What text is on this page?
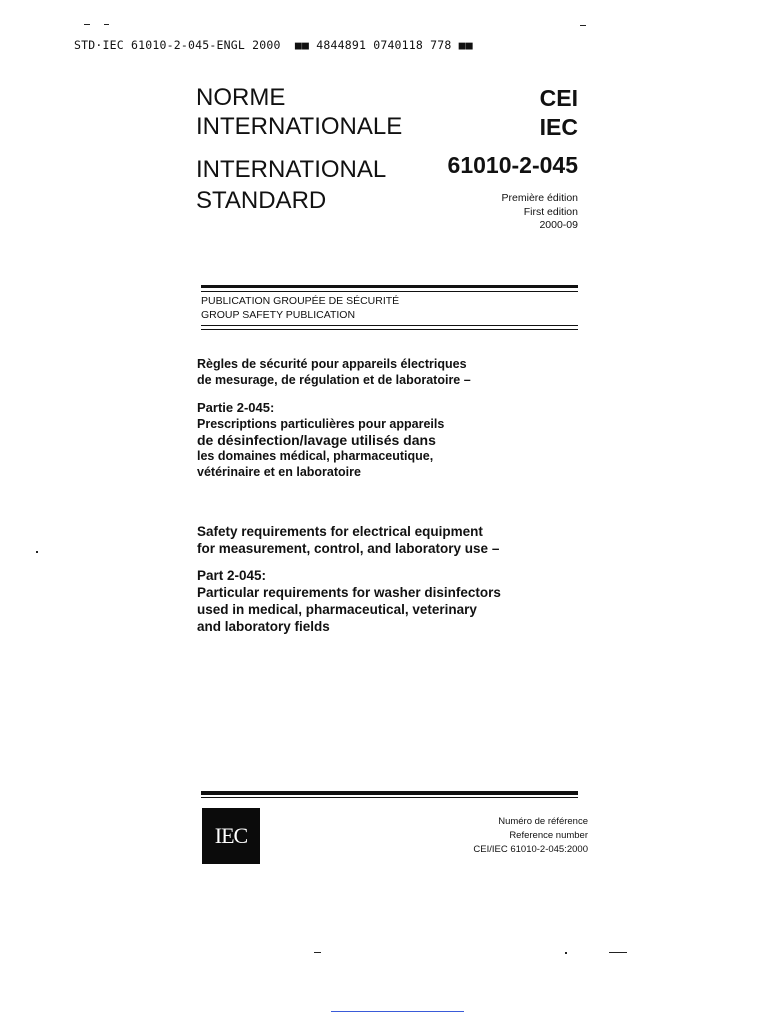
STD·IEC 61010-2-045-ENGL 2000  ■■ 4844891 0740118 778 ■■
NORME
INTERNATIONALE
INTERNATIONAL
STANDARD
CEI
IEC
61010-2-045
Première édition
First edition
2000-09
PUBLICATION GROUPÉE DE SÉCURITÉ
GROUP SAFETY PUBLICATION
Règles de sécurité pour appareils électriques
de mesurage, de régulation et de laboratoire –
Partie 2-045:
Prescriptions particulières pour appareils
de désinfection/lavage utilisés dans
les domaines médical, pharmaceutique,
vétérinaire et en laboratoire
Safety requirements for electrical equipment
for measurement, control, and laboratory use –
Part 2-045:
Particular requirements for washer disinfectors
used in medical, pharmaceutical, veterinary
and laboratory fields
IEC
Numéro de référence
Reference number
CEI/IEC 61010-2-045:2000
